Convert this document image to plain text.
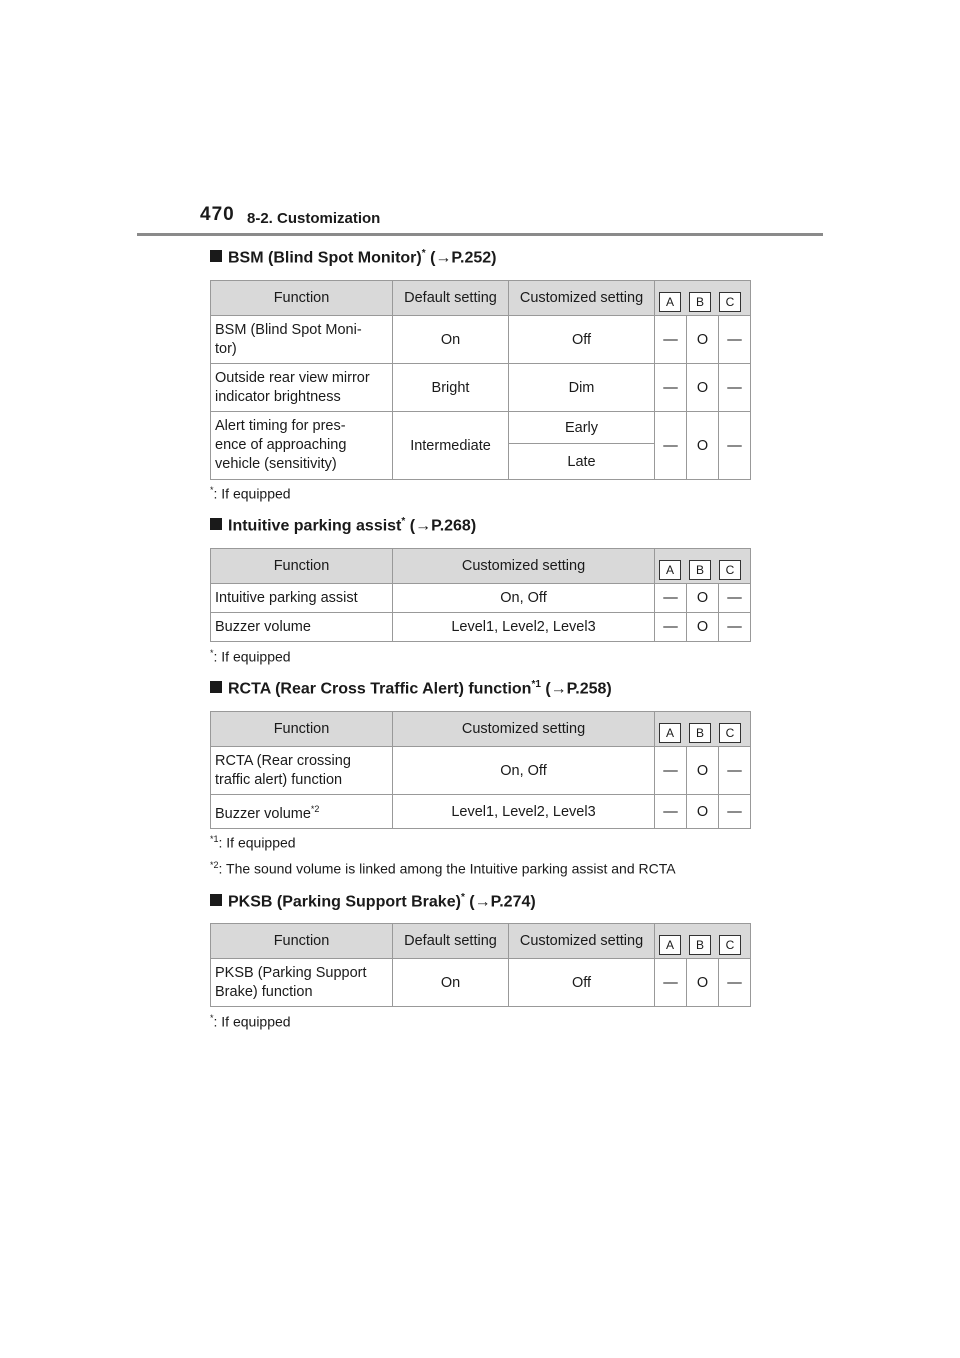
470 8-2. Customization
BSM (Blind Spot Monitor)* (→P.252)
Function	Default setting	Customized setting	A B C		

BSM (Blind Spot Moni-
tor)	On	Off	—	O	—
Outside rear view mirror
indicator brightness	Bright	Dim	—	O	—
Alert timing for pres-
ence of approaching
vehicle (sensitivity)	Intermediate	Early	—	O	—
		Late			
*: If equipped
Intuitive parking assist* (→P.268)
Function	Customized setting	A B C		

Intuitive parking assist	On, Off	—	O	—
Buzzer volume	Level1, Level2, Level3	—	O	—
*: If equipped
RCTA (Rear Cross Traffic Alert) function$^{*1}$ (→P.258)
Function	Customized setting	A B C		

RCTA (Rear crossing
traffic alert) function	On, Off	—	O	—
Buzzer volume$^{*2}$	Level1, Level2, Level3	—	O	—
$^{*1}$: If equipped
$^{*2}$: The sound volume is linked among the Intuitive parking assist and RCTA
PKSB (Parking Support Brake)* (→P.274)
Function	Default setting	Customized setting	A B C		

PKSB (Parking Support
Brake) function	On	Off	—	O	—
*: If equipped
